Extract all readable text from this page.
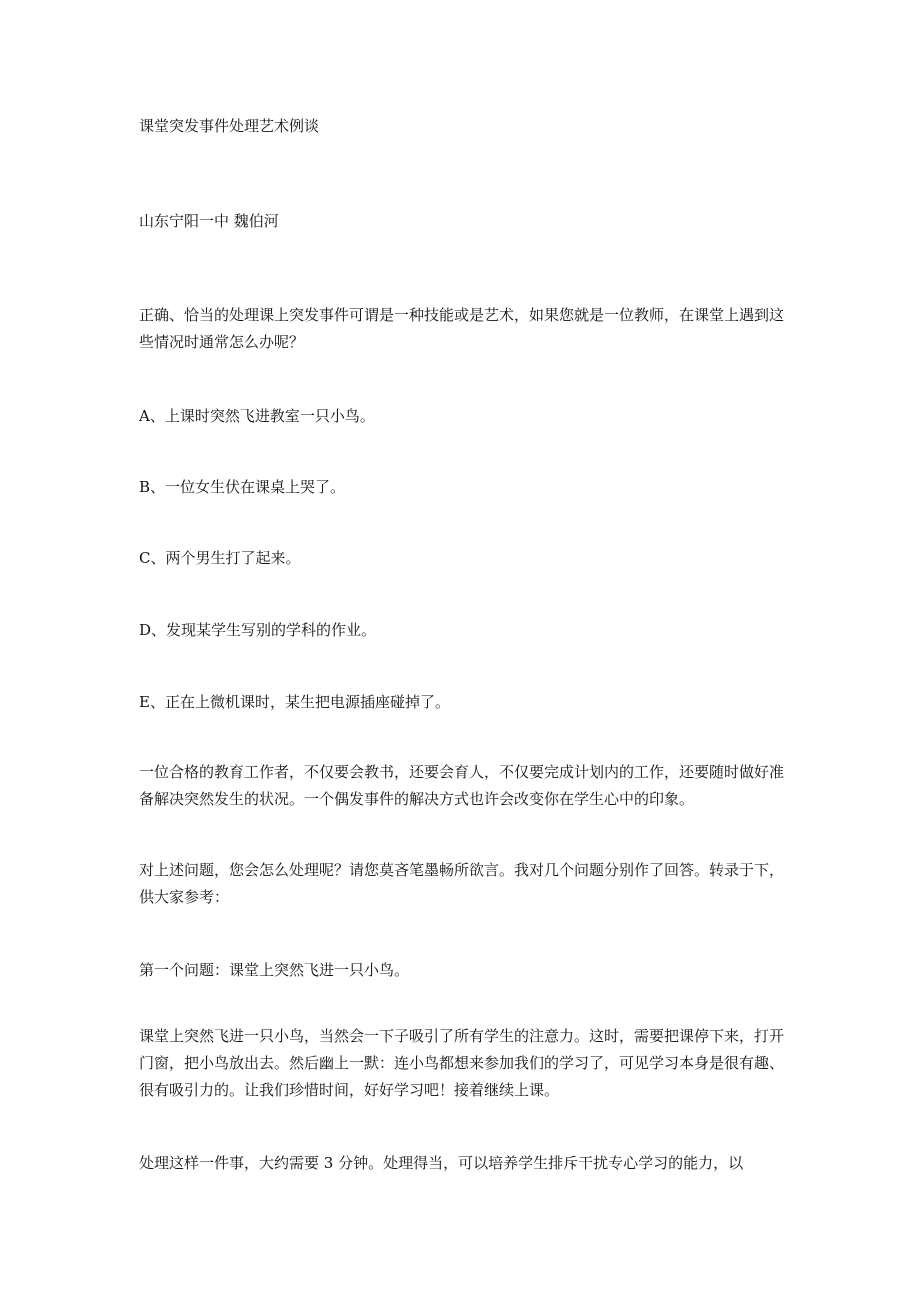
课堂突发事件处理艺术例谈
山东宁阳一中 魏伯河
正确、恰当的处理课上突发事件可谓是一种技能或是艺术，如果您就是一位教师，在课堂上遇到这些情况时通常怎么办呢？
A、上课时突然飞进教室一只小鸟。
B、一位女生伏在课桌上哭了。
C、两个男生打了起来。
D、发现某学生写别的学科的作业。
E、正在上微机课时，某生把电源插座碰掉了。
一位合格的教育工作者，不仅要会教书，还要会育人，不仅要完成计划内的工作，还要随时做好准备解决突然发生的状况。一个偶发事件的解决方式也许会改变你在学生心中的印象。
对上述问题，您会怎么处理呢？请您莫吝笔墨畅所欲言。我对几个问题分别作了回答。转录于下，供大家参考：
第一个问题：课堂上突然飞进一只小鸟。
课堂上突然飞进一只小鸟，当然会一下子吸引了所有学生的注意力。这时，需要把课停下来，打开门窗，把小鸟放出去。然后幽上一默：连小鸟都想来参加我们的学习了，可见学习本身是很有趣、很有吸引力的。让我们珍惜时间，好好学习吧！接着继续上课。
处理这样一件事，大约需要 3 分钟。处理得当，可以培养学生排斥干扰专心学习的能力，以
